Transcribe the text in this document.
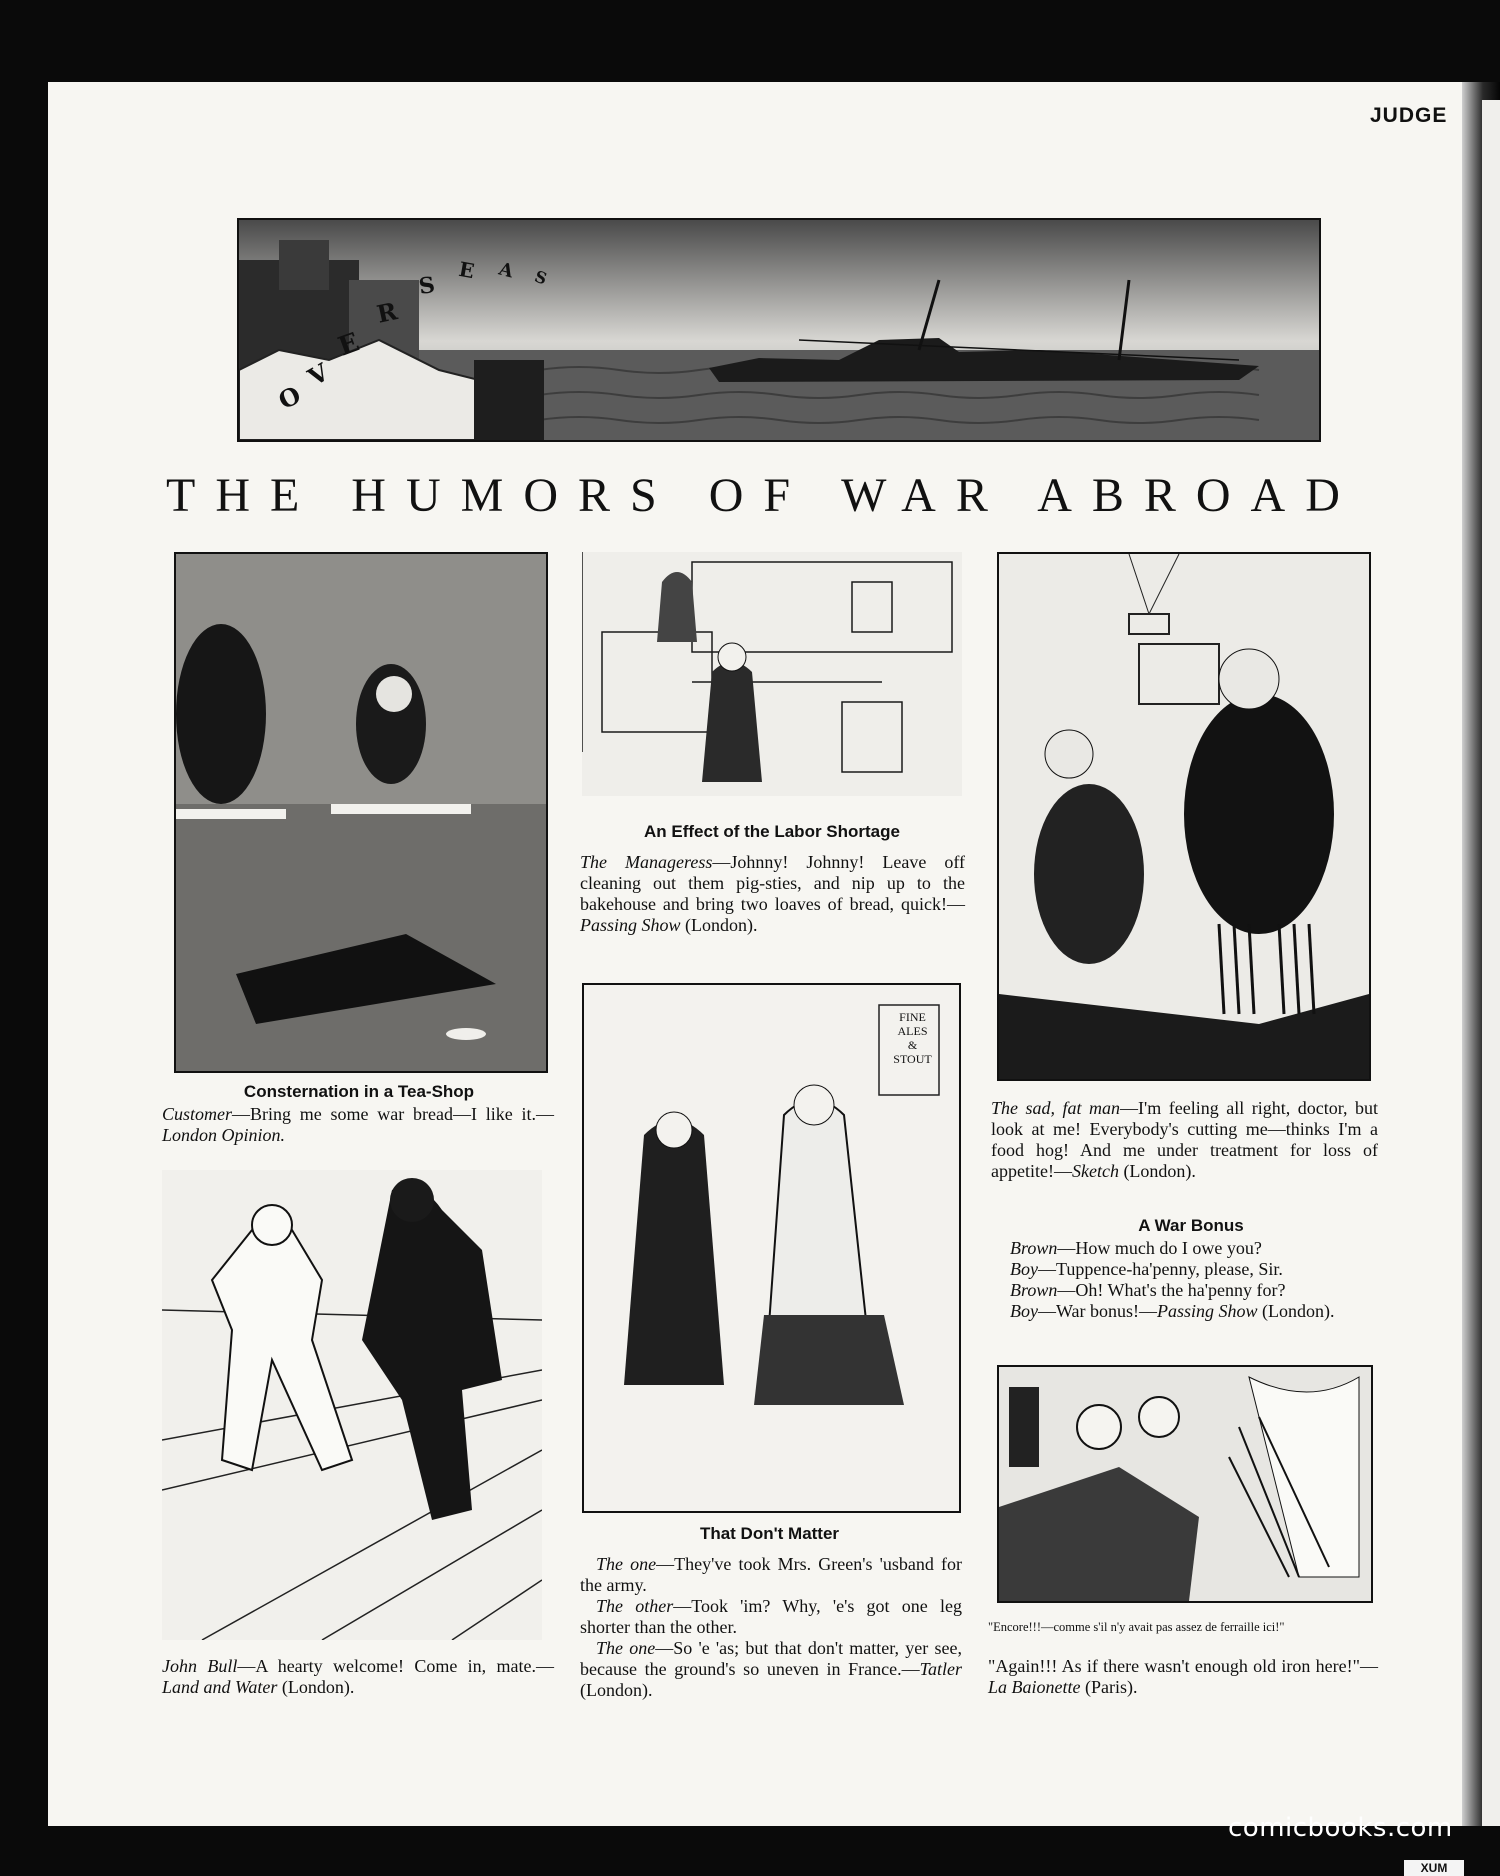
JUDGE
O
V
E
R
S
E A S
THE HUMORS OF WAR ABROAD
Consternation in a Tea-Shop
Customer—Bring me some war bread—I like it.—London Opinion.
An Effect of the Labor Shortage
The Manageress—Johnny! Johnny! Leave off cleaning out them pig-sties, and nip up to the bakehouse and bring two loaves of bread, quick!—Passing Show (London).
The sad, fat man—I'm feeling all right, doctor, but look at me! Everybody's cutting me—thinks I'm a food hog! And me under treatment for loss of appetite!—Sketch (London).
A War Bonus
Brown—How much do I owe you?
Boy—Tuppence-ha'penny, please, Sir.
Brown—Oh! What's the ha'penny for?
Boy—War bonus!—Passing Show (London).
John Bull—A hearty welcome! Come in, mate.—Land and Water (London).
FINE
ALES
&
STOUT
That Don't Matter
The one—They've took Mrs. Green's 'usband for the army.
The other—Took 'im? Why, 'e's got one leg shorter than the other.
The one—So 'e 'as; but that don't matter, yer see, because the ground's so uneven in France.—Tatler (London).
"Encore!!!—comme s'il n'y avait pas assez de ferraille ici!"
"Again!!! As if there wasn't enough old iron here!"—La Baionette (Paris).
comicbooks.com
XUM
